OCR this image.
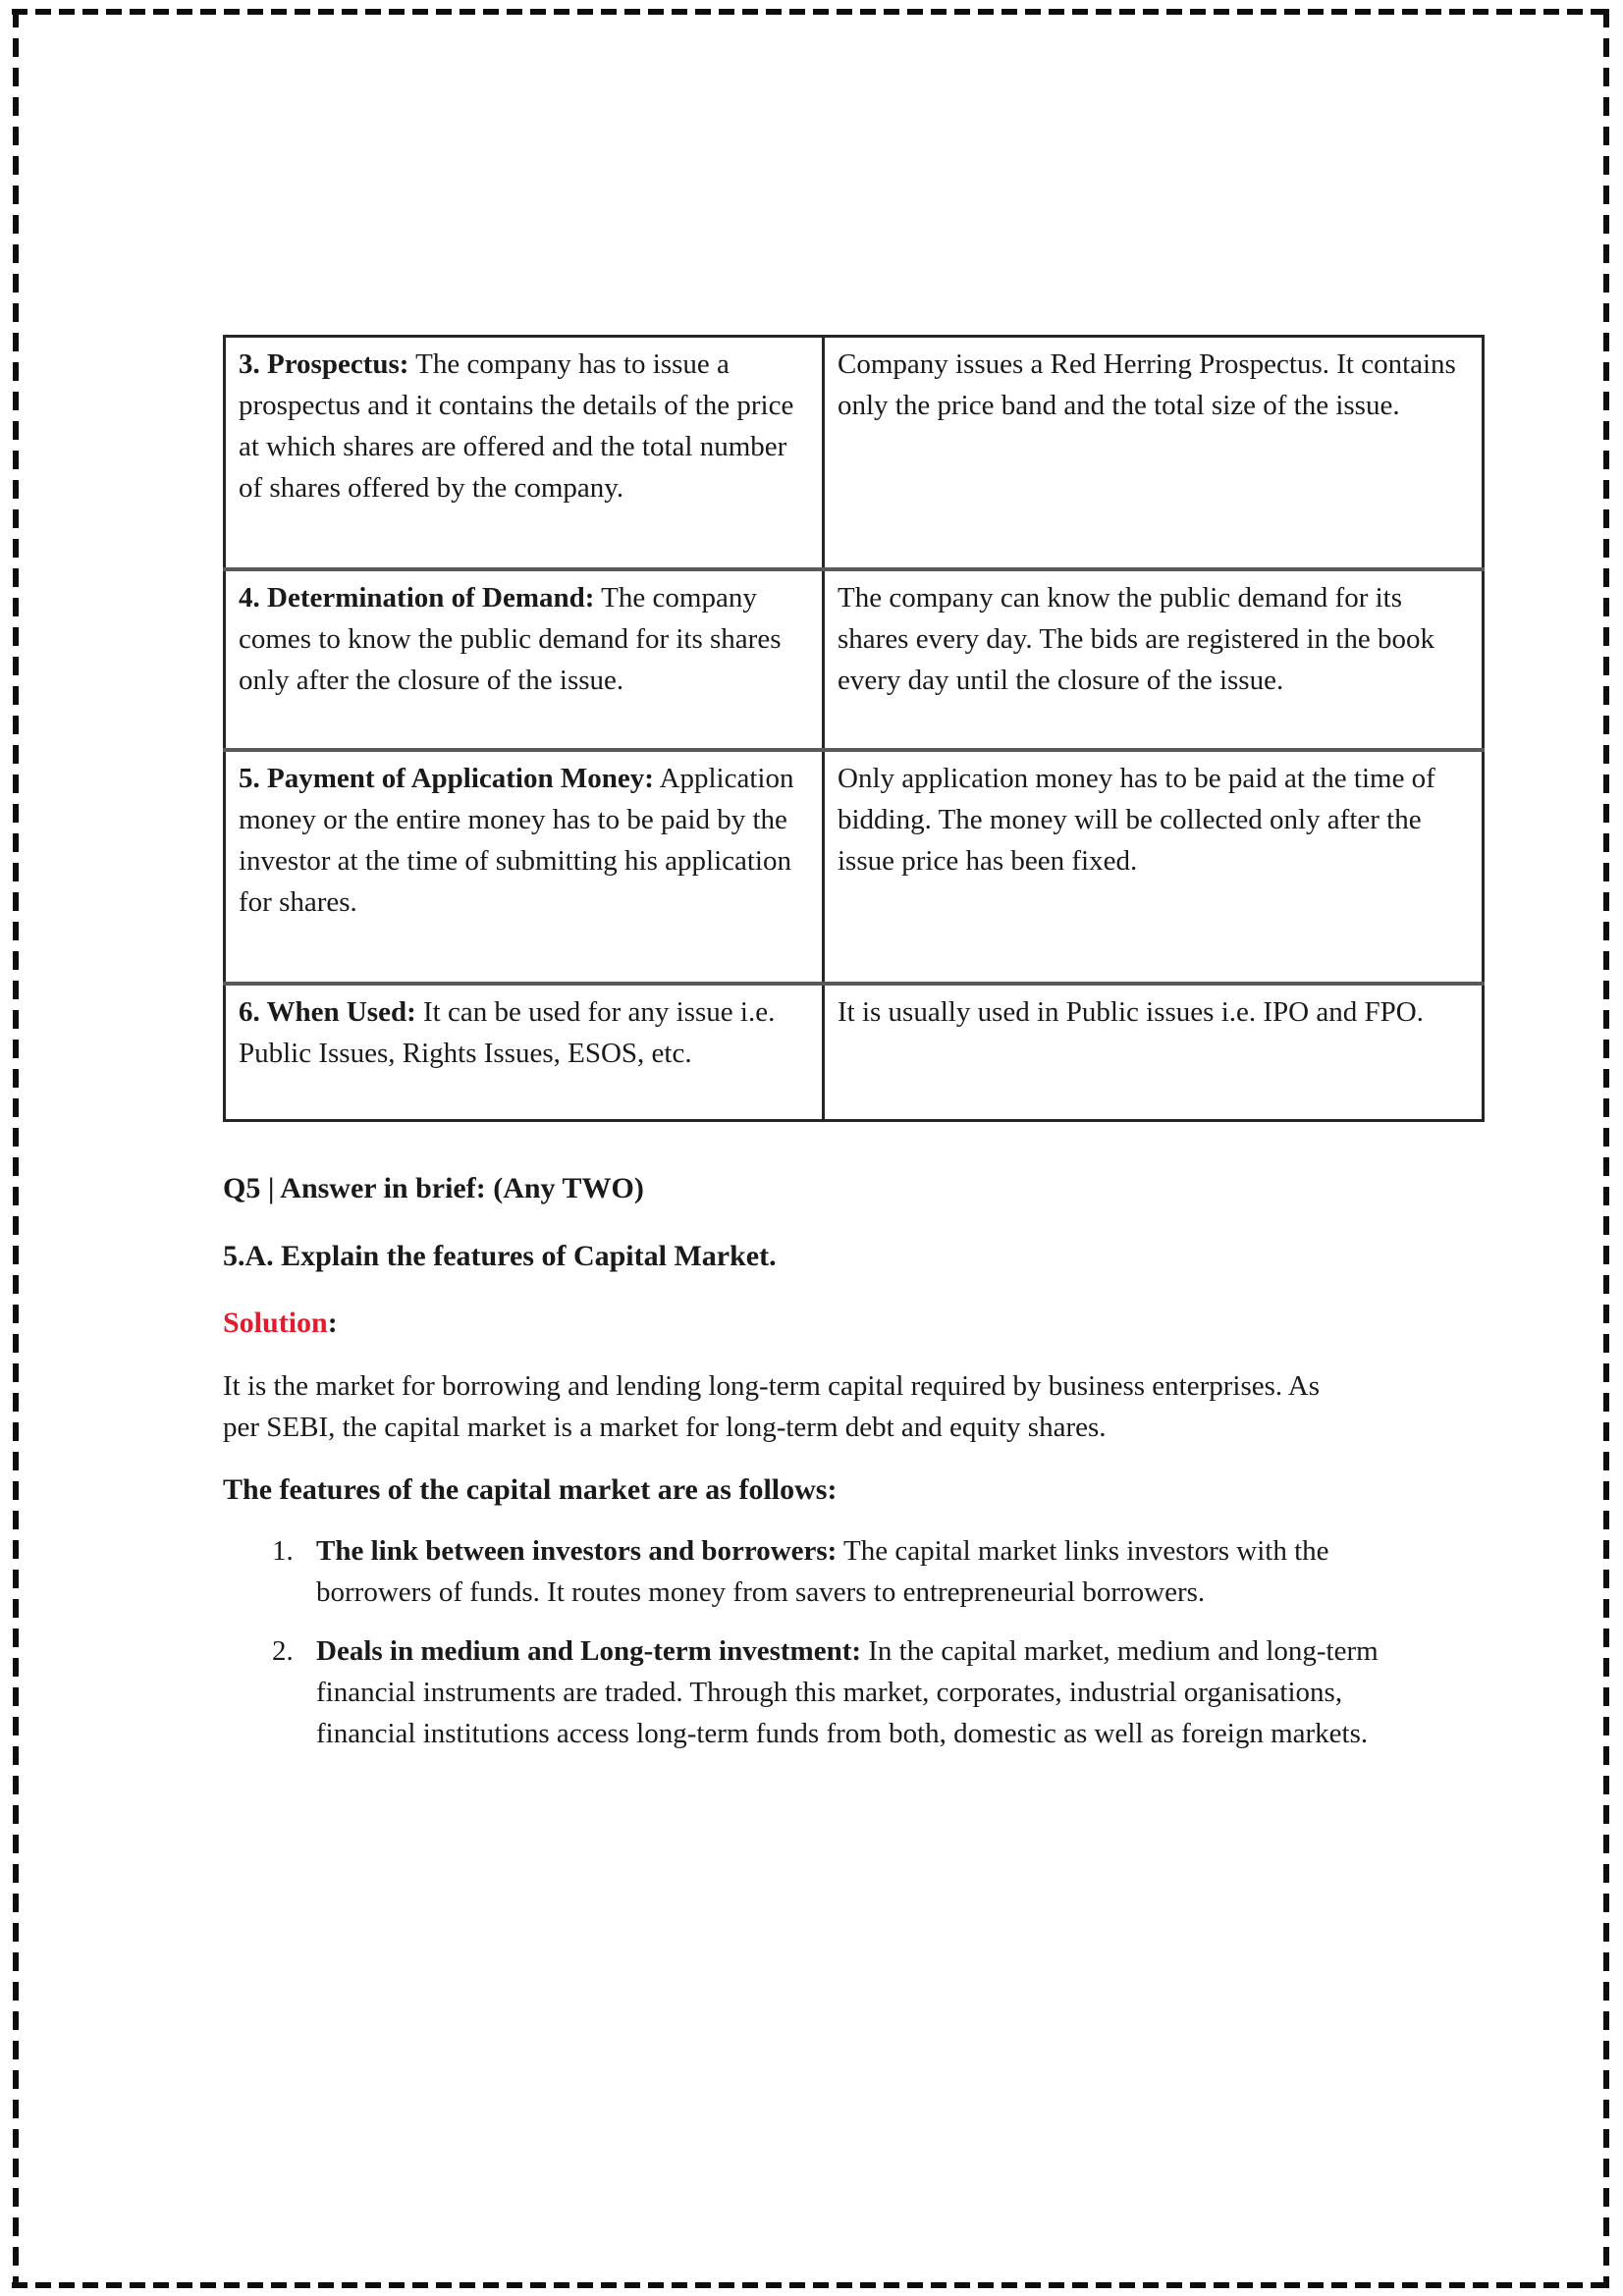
3. Prospectus: The company has to issue a prospectus and it contains the details of the price at which shares are offered and the total number of shares offered by the company.	Company issues a Red Herring Prospectus. It contains only the price band and the total size of the issue.
4. Determination of Demand: The company comes to know the public demand for its shares only after the closure of the issue.	The company can know the public demand for its shares every day. The bids are registered in the book every day until the closure of the issue.
5. Payment of Application Money: Application money or the entire money has to be paid by the investor at the time of submitting his application for shares.	Only application money has to be paid at the time of bidding. The money will be collected only after the issue price has been fixed.
6. When Used: It can be used for any issue i.e. Public Issues, Rights Issues, ESOS, etc.	It is usually used in Public issues i.e. IPO and FPO.
Q5 | Answer in brief: (Any TWO)
5.A. Explain the features of Capital Market.
Solution:
It is the market for borrowing and lending long-term capital required by business enterprises. As per SEBI, the capital market is a market for long-term debt and equity shares.
The features of the capital market are as follows:
1. The link between investors and borrowers: The capital market links investors with the borrowers of funds. It routes money from savers to entrepreneurial borrowers.
2. Deals in medium and Long-term investment: In the capital market, medium and long-term financial instruments are traded. Through this market, corporates, industrial organisations, financial institutions access long-term funds from both, domestic as well as foreign markets.
